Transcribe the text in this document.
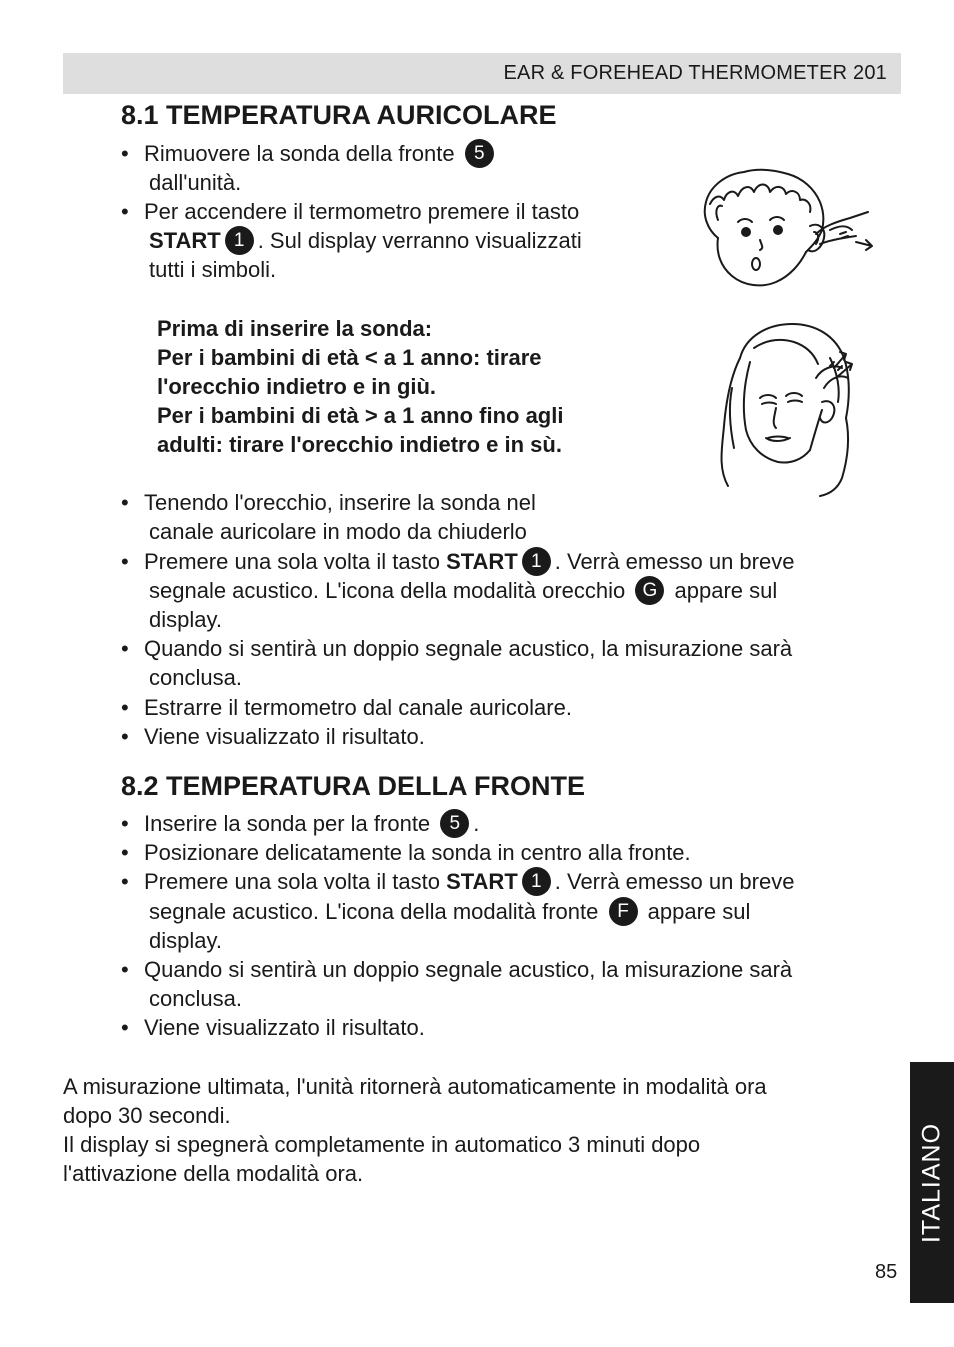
EAR & FOREHEAD THERMOMETER 201
8.1 TEMPERATURA AURICOLARE
• Rimuovere la sonda della fronte 5
dall'unità.
• Per accendere il termometro premere il tasto
START 1 . Sul display verranno visualizzati
tutti i simboli.
Prima di inserire la sonda:
Per i bambini di età < a 1 anno: tirare
l'orecchio indietro e in giù.
Per i bambini di età > a 1 anno fino agli
adulti: tirare l'orecchio indietro e in sù.
• Tenendo l'orecchio, inserire la sonda nel
canale auricolare in modo da chiuderlo
• Premere una sola volta il tasto START 1 . Verrà emesso un breve
segnale acustico. L'icona della modalità orecchio G appare sul
display.
• Quando si sentirà un doppio segnale acustico, la misurazione sarà
conclusa.
• Estrarre il termometro dal canale auricolare.
• Viene visualizzato il risultato.
8.2 TEMPERATURA DELLA FRONTE
• Inserire la sonda per la fronte 5 .
• Posizionare delicatamente la sonda in centro alla fronte.
• Premere una sola volta il tasto START 1 . Verrà emesso un breve
segnale acustico. L'icona della modalità fronte F appare sul
display.
• Quando si sentirà un doppio segnale acustico, la misurazione sarà
conclusa.
• Viene visualizzato il risultato.
A misurazione ultimata, l'unità ritornerà automaticamente in modalità ora
dopo 30 secondi.
Il display si spegnerà completamente in automatico 3 minuti dopo
l'attivazione della modalità ora.	ITALIANO
85
